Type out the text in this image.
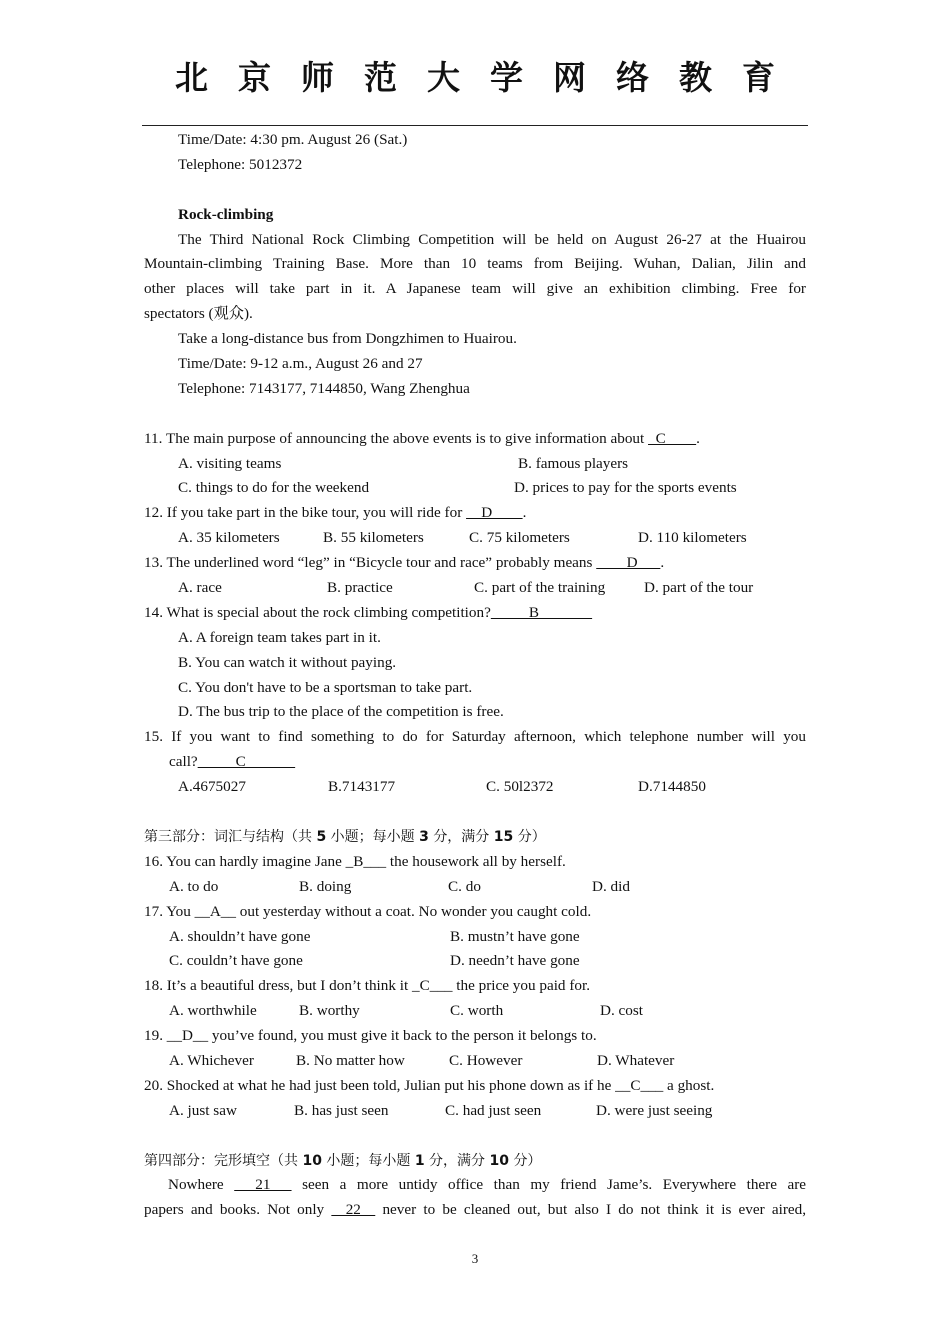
北京师范大学网络教育
Time/Date: 4:30 pm. August 26 (Sat.)
Telephone: 5012372
Rock-climbing
The Third National Rock Climbing Competition will be held on August 26-27 at the Huairou
Mountain-climbing Training Base. More than 10 teams from Beijing. Wuhan, Dalian, Jilin and
other places will take part in it. A Japanese team will give an exhibition climbing. Free for
spectators (观众).
Take a long-distance bus from Dongzhimen to Huairou.
Time/Date: 9-12 a.m., August 26 and 27
Telephone: 7143177, 7144850, Wang Zhenghua
11. The main purpose of announcing the above events is to give information about   C        .
A. visiting teams	B. famous players
C. things to do for the weekend	D. prices to pay for the sports events
12. If you take part in the bike tour, you will ride for     D        .
A. 35 kilometers	B. 55 kilometers	C. 75 kilometers	D. 110 kilometers
13. The underlined word “leg” in “Bicycle tour and race” probably means         D      .
A. race	B. practice	C. part of the training	D. part of the tour
14. What is special about the rock climbing competition?          B
A. A foreign team takes part in it.
B. You can watch it without paying.
C. You don't have to be a sportsman to take part.
D. The bus trip to the place of the competition is free.
15. If you want to find something to do for Saturday afternoon, which telephone number will you
call?          C
A.4675027	B.7143177	C. 50l2372	D.7144850
第三部分：词汇与结构（共 5 小题；每小题 3 分，满分 15 分）
16. You can hardly imagine Jane _B___ the housework all by herself.
A. to do	B. doing	C. do	D. did
17. You __A__ out yesterday without a coat. No wonder you caught cold.
A. shouldn’t have gone	B. mustn’t have gone
C. couldn’t have gone	D. needn’t have gone
18. It’s a beautiful dress, but I don’t think it _C___ the price you paid for.
A. worthwhile	B. worthy	C. worth	D. cost
19. __D__ you’ve found, you must give it back to the person it belongs to.
A. Whichever	B. No matter how	C. However	D. Whatever
20. Shocked at what he had just been told, Julian put his phone down as if he __C___ a ghost.
A. just saw	B. has just seen	C. had just seen	D. were just seeing
第四部分：完形填空（共 10 小题；每小题 1 分，满分 10 分）
Nowhere   21   seen a more untidy office than my friend Jame’s. Everywhere there are
papers and books. Not only   22   never to be cleaned out, but also I do not think it is ever aired,
3
